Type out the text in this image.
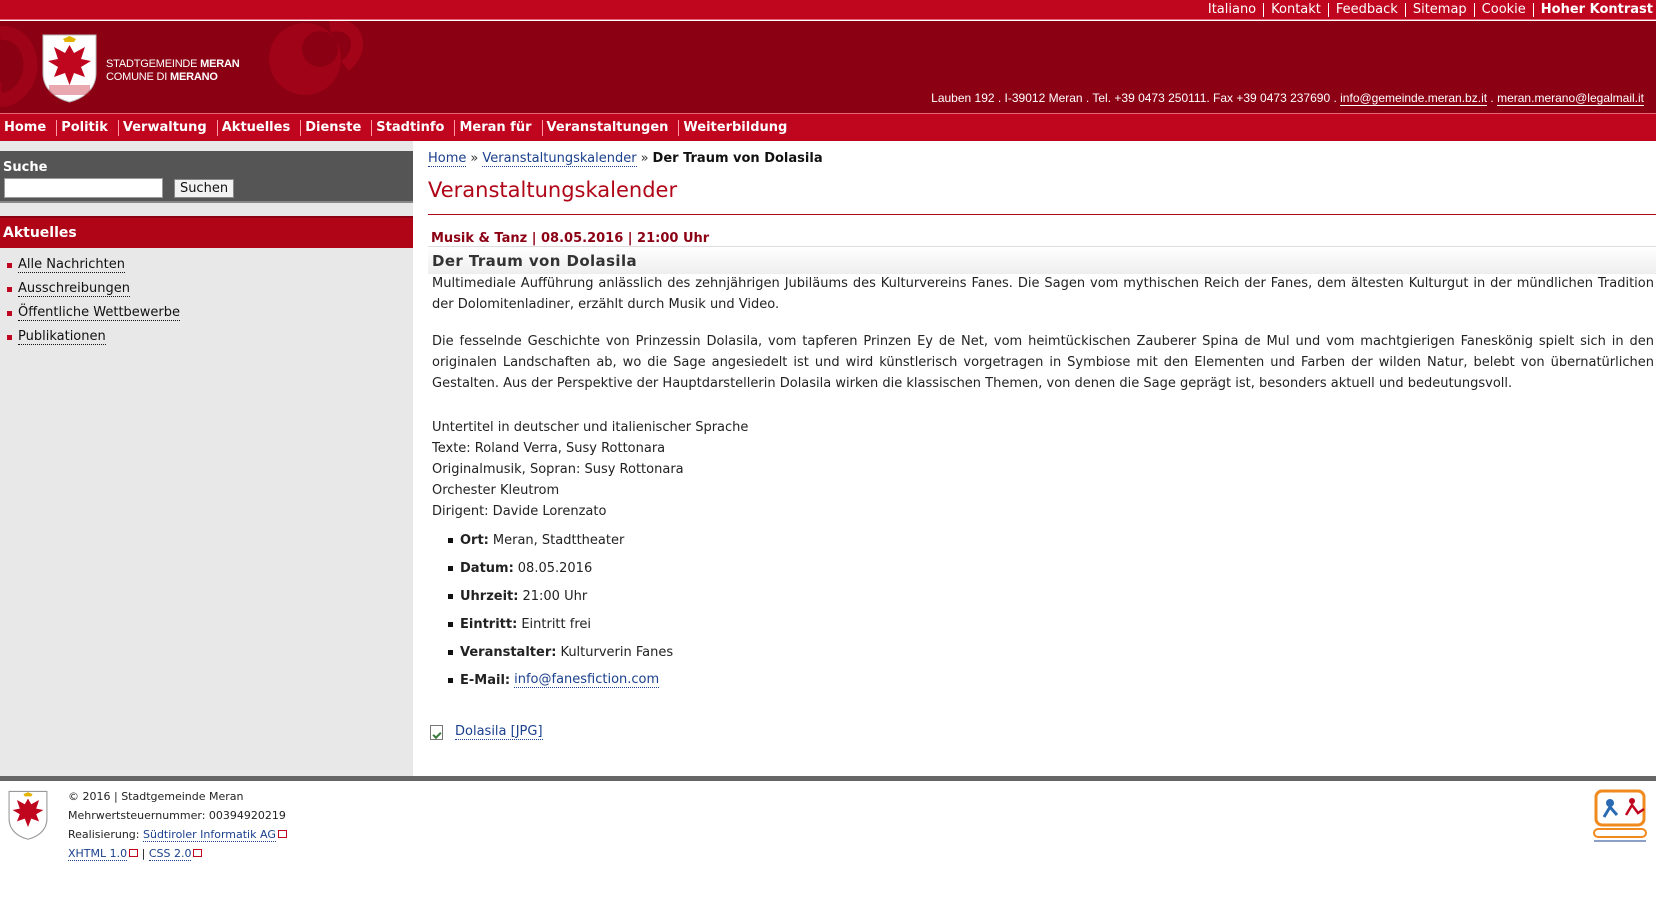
Italiano	Kontakt	Feedback	Sitemap	Cookie	Hoher Kontrast
STADTGEMEINDE MERAN
COMUNE DI MERANO
Lauben 192 . I-39012 Meran . Tel. +39 0473 250111. Fax +39 0473 237690 . info@gemeinde.meran.bz.it . meran.merano@legalmail.it
Home	Politik	Verwaltung	Aktuelles	Dienste	Stadtinfo	Meran für	Veranstaltungen	Weiterbildung
Suche
Suchen
Aktuelles
Alle Nachrichten
Ausschreibungen
Öffentliche Wettbewerbe
Publikationen
Home » Veranstaltungskalender » Der Traum von Dolasila
Veranstaltungskalender
Musik & Tanz | 08.05.2016 | 21:00 Uhr
Der Traum von Dolasila

Multimediale Aufführung anlässlich des zehnjährigen Jubiläums des Kulturvereins Fanes. Die Sagen vom mythischen Reich der Fanes, dem ältesten Kulturgut in der mündlichen Tradition der Dolomitenladiner, erzählt durch Musik und Video.

Die fesselnde Geschichte von Prinzessin Dolasila, vom tapferen Prinzen Ey de Net, vom heimtückischen Zauberer Spina de Mul und vom machtgierigen Faneskönig spielt sich in den originalen Landschaften ab, wo die Sage angesiedelt ist und wird künstlerisch vorgetragen in Symbiose mit den Elementen und Farben der wilden Natur, belebt von übernatürlichen Gestalten. Aus der Perspektive der Hauptdarstellerin Dolasila wirken die klassischen Themen, von denen die Sage geprägt ist, besonders aktuell und bedeutungsvoll.

Untertitel in deutscher und italienischer Sprache
Texte: Roland Verra, Susy Rottonara
Originalmusik, Sopran: Susy Rottonara
Orchester Kleutrom
Dirigent: Davide Lorenzato
Ort: Meran, Stadttheater
Datum: 08.05.2016
Uhrzeit: 21:00 Uhr
Eintritt: Eintritt frei
Veranstalter: Kulturverin Fanes
E-Mail: info@fanesfiction.com
Dolasila [JPG]
© 2016 | Stadtgemeinde Meran
Mehrwertsteuernummer: 00394920219
Realisierung: Südtiroler Informatik AG
XHTML 1.0 | CSS 2.0
